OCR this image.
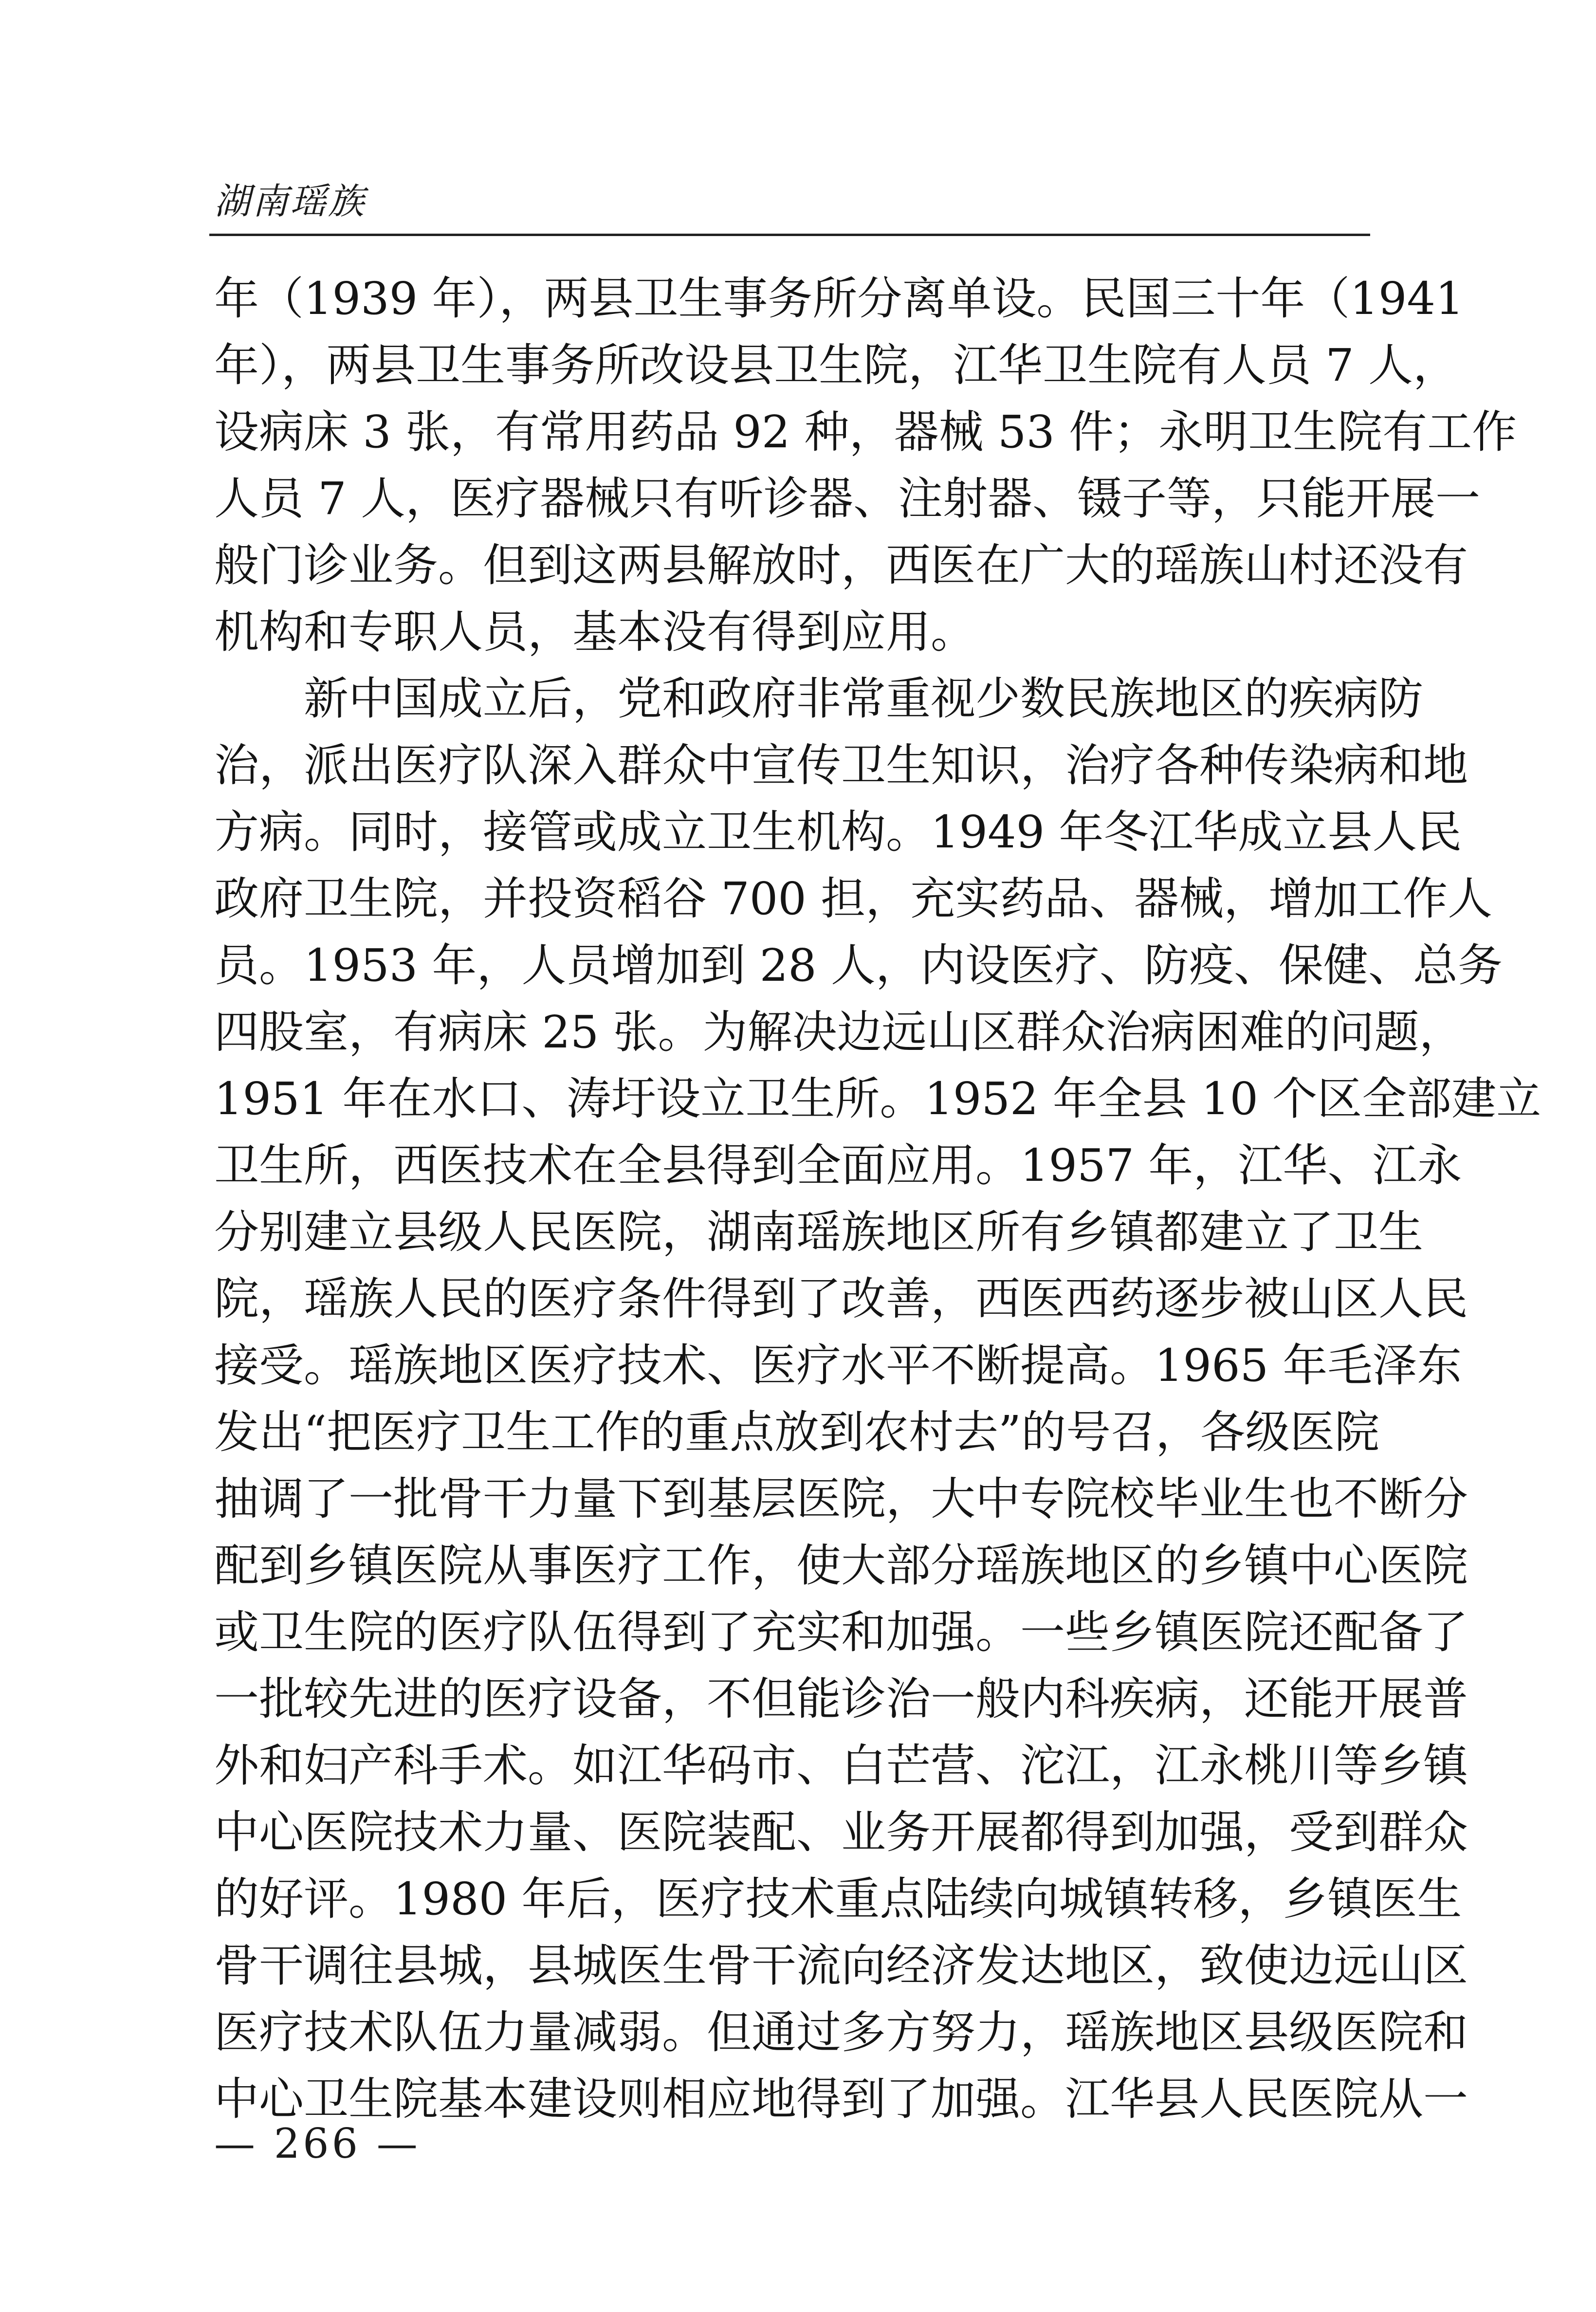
湖南瑶族
年（1939 年），两县卫生事务所分离单设。民国三十年（1941
年），两县卫生事务所改设县卫生院，江华卫生院有人员 7 人，
设病床 3 张，有常用药品 92 种，器械 53 件；永明卫生院有工作
人员 7 人，医疗器械只有听诊器、注射器、镊子等，只能开展一
般门诊业务。但到这两县解放时，西医在广大的瑶族山村还没有
机构和专职人员，基本没有得到应用。
新中国成立后，党和政府非常重视少数民族地区的疾病防
治，派出医疗队深入群众中宣传卫生知识，治疗各种传染病和地
方病。同时，接管或成立卫生机构。1949 年冬江华成立县人民
政府卫生院，并投资稻谷 700 担，充实药品、器械，增加工作人
员。1953 年，人员增加到 28 人，内设医疗、防疫、保健、总务
四股室，有病床 25 张。为解决边远山区群众治病困难的问题，
1951 年在水口、涛圩设立卫生所。1952 年全县 10 个区全部建立
卫生所，西医技术在全县得到全面应用。1957 年，江华、江永
分别建立县级人民医院，湖南瑶族地区所有乡镇都建立了卫生
院，瑶族人民的医疗条件得到了改善，西医西药逐步被山区人民
接受。瑶族地区医疗技术、医疗水平不断提高。1965 年毛泽东
发出“把医疗卫生工作的重点放到农村去”的号召，各级医院
抽调了一批骨干力量下到基层医院，大中专院校毕业生也不断分
配到乡镇医院从事医疗工作，使大部分瑶族地区的乡镇中心医院
或卫生院的医疗队伍得到了充实和加强。一些乡镇医院还配备了
一批较先进的医疗设备，不但能诊治一般内科疾病，还能开展普
外和妇产科手术。如江华码市、白芒营、沱江，江永桃川等乡镇
中心医院技术力量、医院装配、业务开展都得到加强，受到群众
的好评。1980 年后，医疗技术重点陆续向城镇转移，乡镇医生
骨干调往县城，县城医生骨干流向经济发达地区，致使边远山区
医疗技术队伍力量减弱。但通过多方努力，瑶族地区县级医院和
中心卫生院基本建设则相应地得到了加强。江华县人民医院从一
— 266 —
